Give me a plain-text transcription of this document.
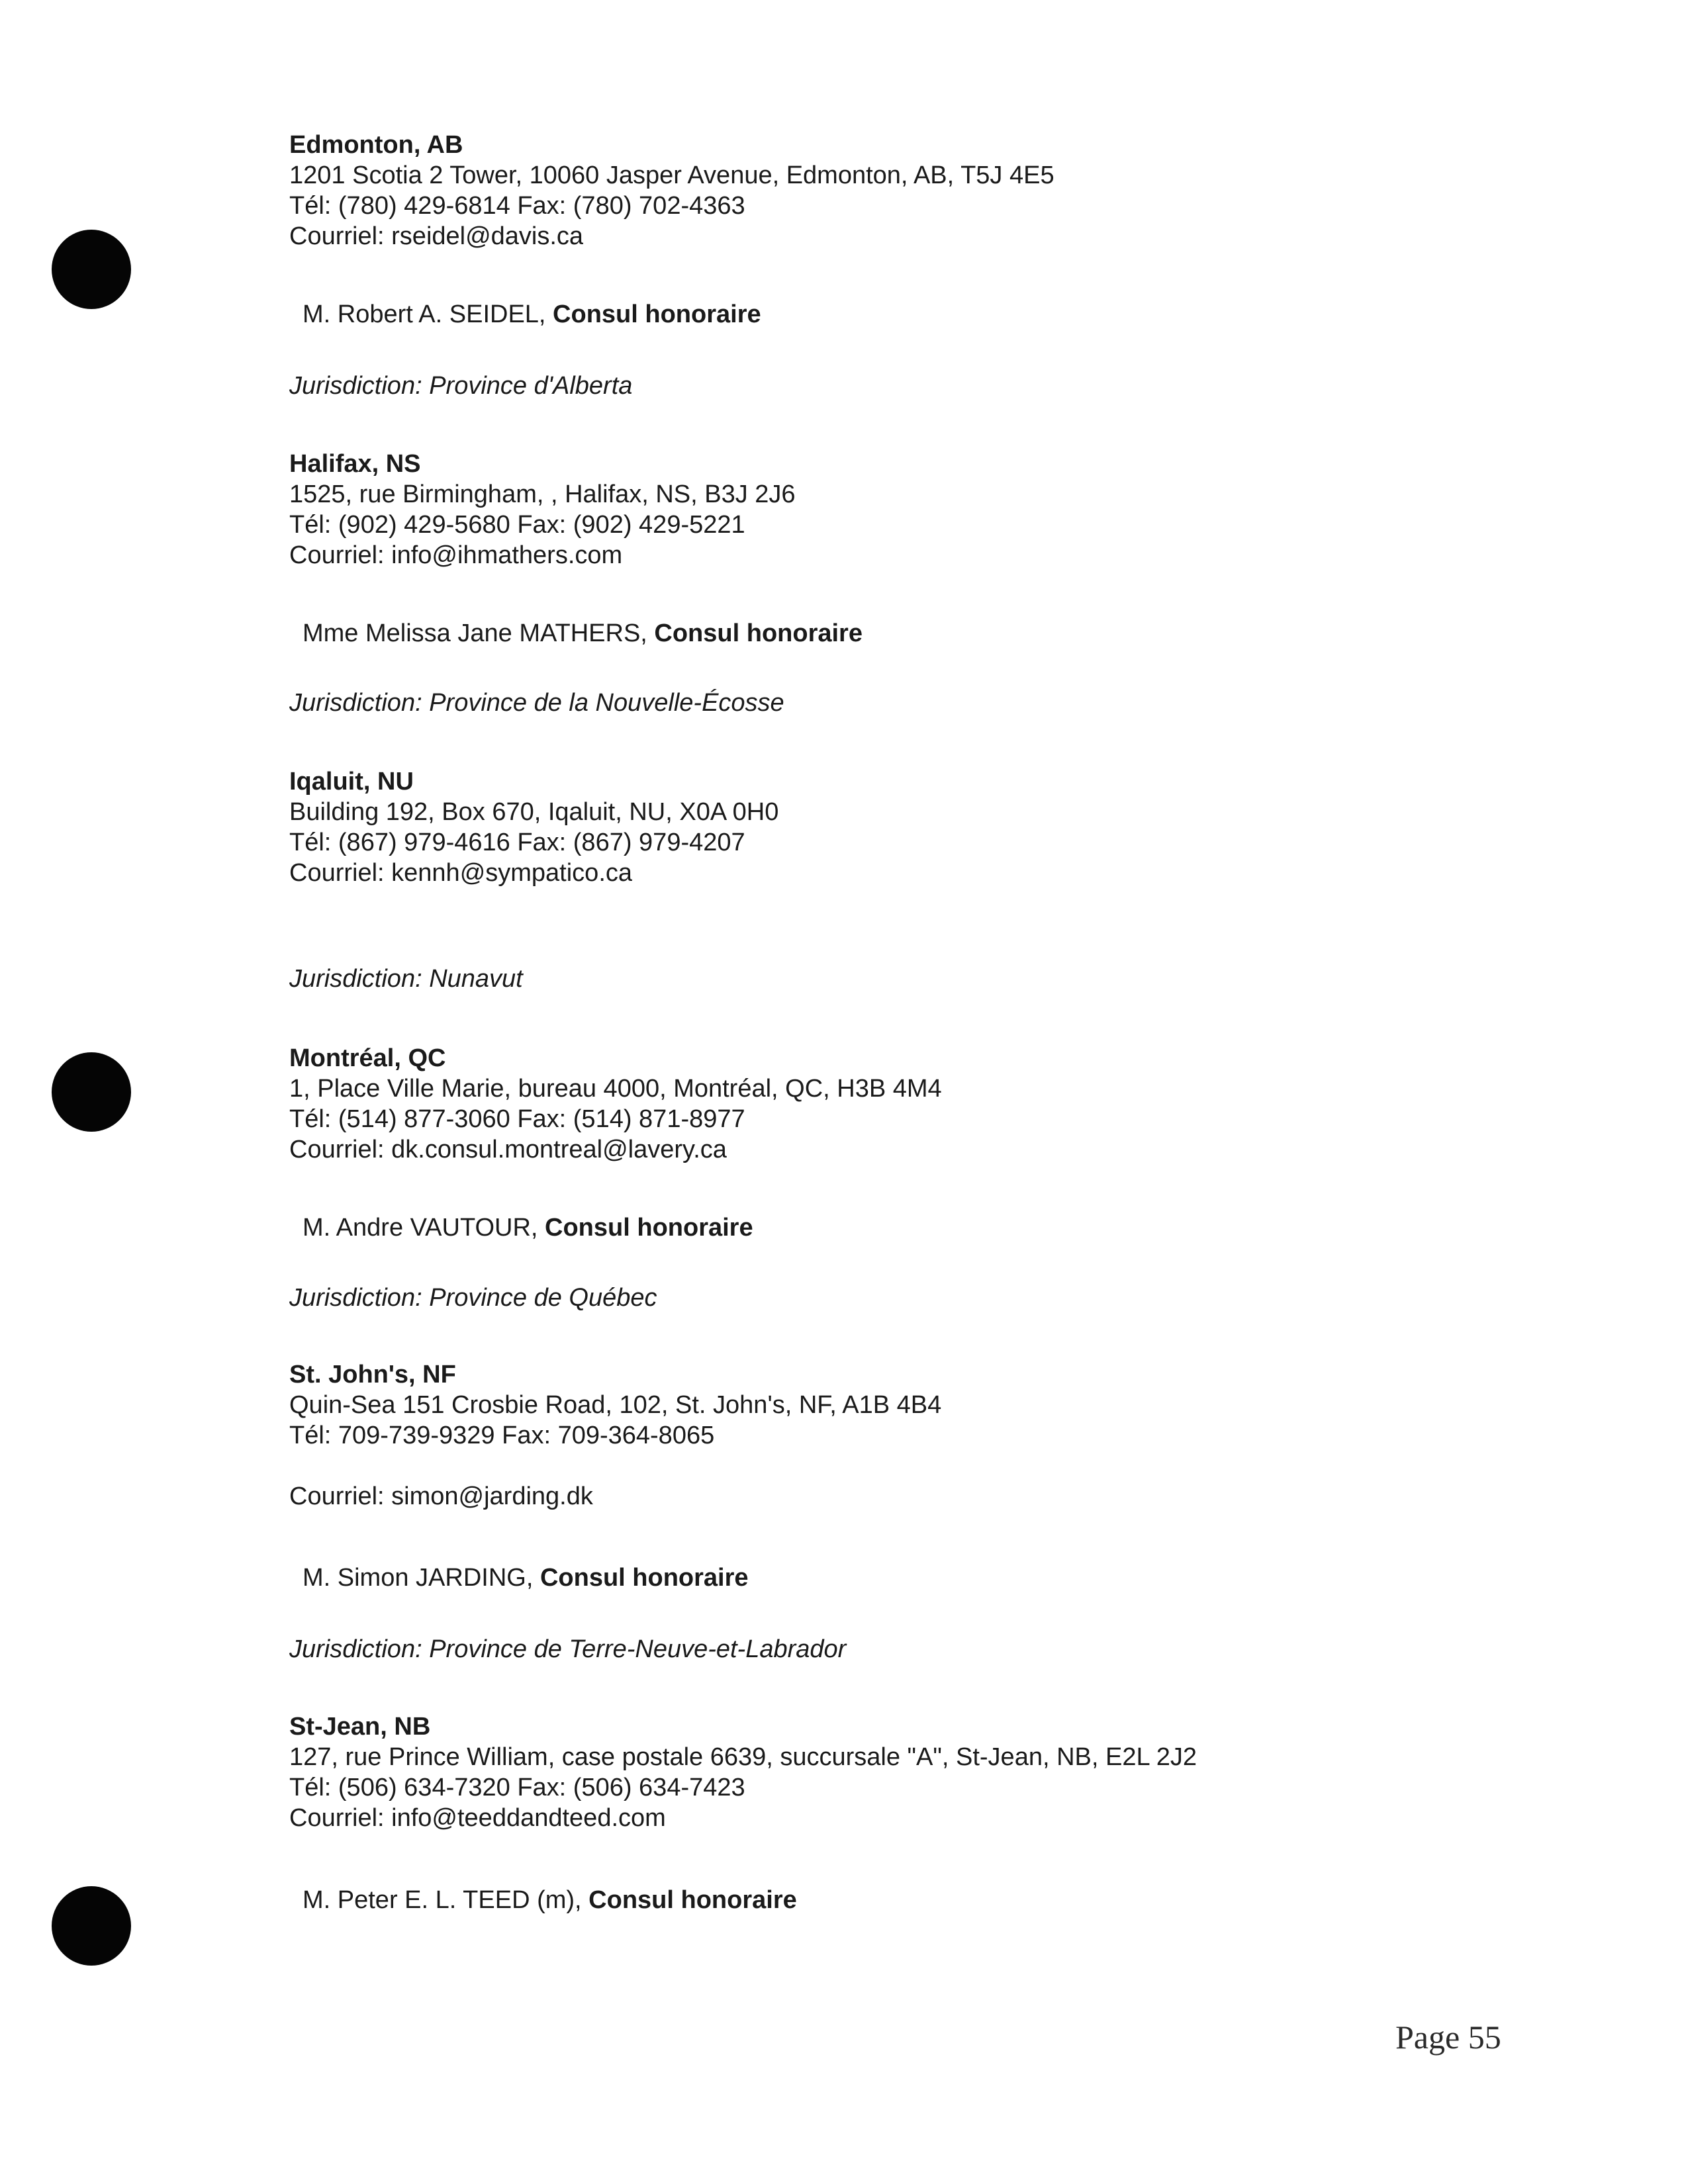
Edmonton, AB

1201 Scotia 2 Tower, 10060 Jasper Avenue, Edmonton, AB, T5J 4E5

Tél: (780) 429-6814 Fax: (780) 702-4363

Courriel: rseidel@davis.ca

M. Robert A. SEIDEL, Consul honoraire
Jurisdiction: Province d'Alberta

Halifax, NS

1525, rue Birmingham, , Halifax, NS, B3J 2J6

Tél: (902) 429-5680 Fax: (902) 429-5221

Courriel: info@ihmathers.com

Mme Melissa Jane MATHERS, Consul honoraire
Jurisdiction: Province de la Nouvelle-Écosse

Iqaluit, NU

Building 192, Box 670, Iqaluit, NU, X0A 0H0

Tél: (867) 979-4616 Fax: (867) 979-4207

Courriel: kennh@sympatico.ca

Jurisdiction: Nunavut

Montréal, QC

1, Place Ville Marie, bureau 4000, Montréal, QC, H3B 4M4

Tél: (514) 877-3060 Fax: (514) 871-8977

Courriel: dk.consul.montreal@lavery.ca

M. Andre VAUTOUR, Consul honoraire
Jurisdiction: Province de Québec

St. John's, NF

Quin-Sea 151 Crosbie Road, 102, St. John's, NF, A1B 4B4

Tél: 709-739-9329 Fax: 709-364-8065

Courriel: simon@jarding.dk

M. Simon JARDING, Consul honoraire
Jurisdiction: Province de Terre-Neuve-et-Labrador

St-Jean, NB

127, rue Prince William, case postale 6639, succursale "A", St-Jean, NB, E2L 2J2

Tél: (506) 634-7320 Fax: (506) 634-7423

Courriel: info@teeddandteed.com

M. Peter E. L. TEED (m), Consul honoraire
Page 55
